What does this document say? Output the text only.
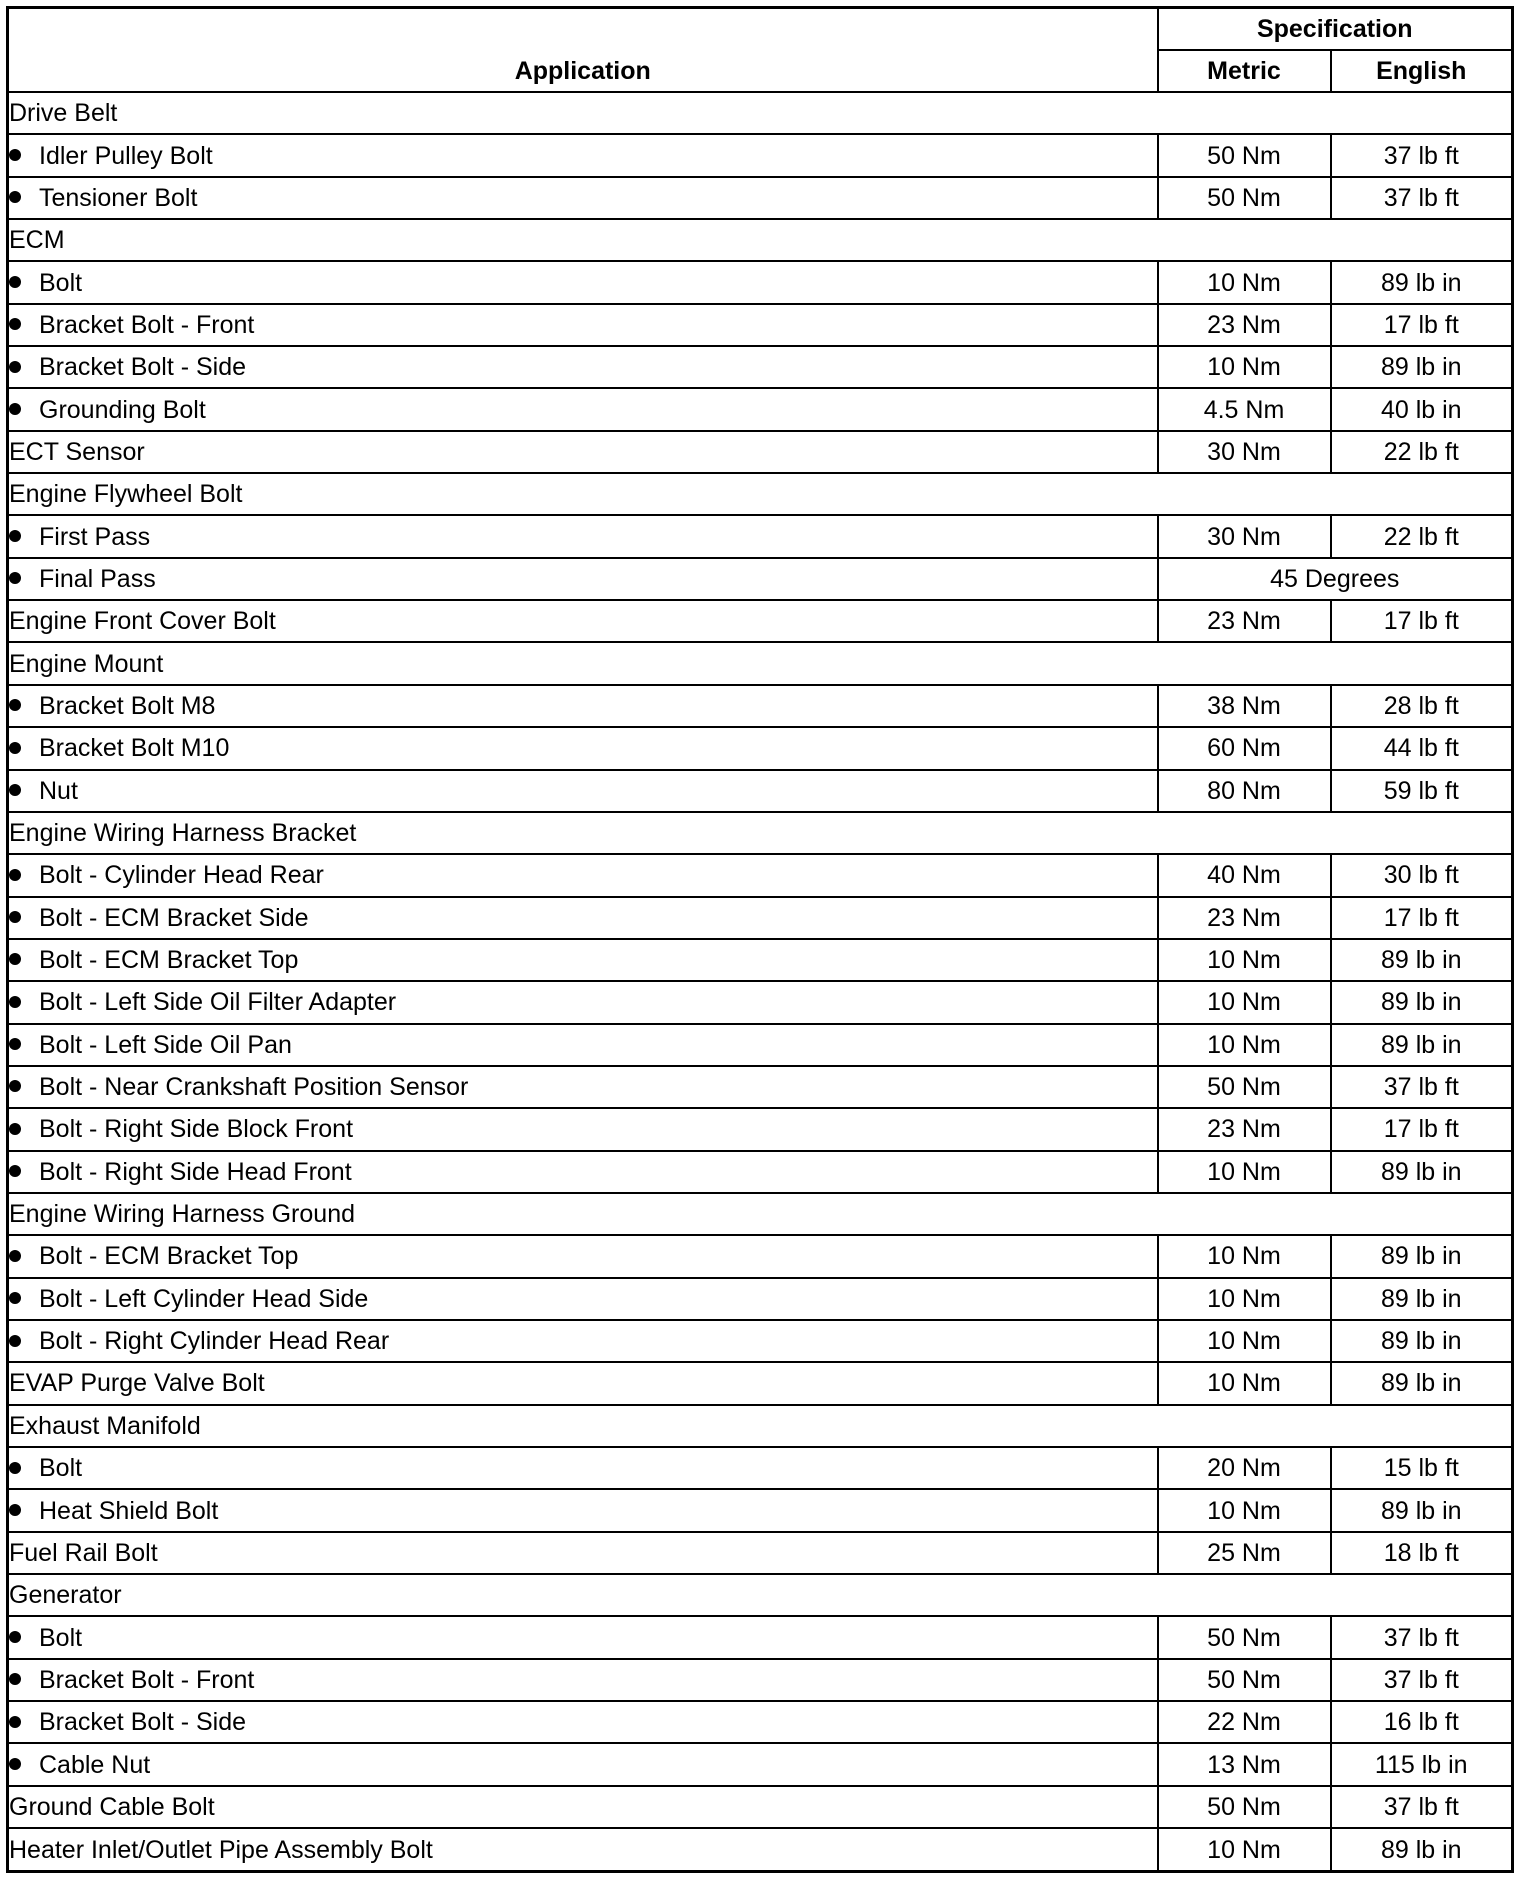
Application	Specification	
	Metric	English
Drive Belt		
Idler Pulley Bolt	50 Nm	37 lb ft
Tensioner Bolt	50 Nm	37 lb ft
ECM		
Bolt	10 Nm	89 lb in
Bracket Bolt - Front	23 Nm	17 lb ft
Bracket Bolt - Side	10 Nm	89 lb in
Grounding Bolt	4.5 Nm	40 lb in
ECT Sensor	30 Nm	22 lb ft
Engine Flywheel Bolt		
First Pass	30 Nm	22 lb ft
Final Pass	45 Degrees	
Engine Front Cover Bolt	23 Nm	17 lb ft
Engine Mount		
Bracket Bolt M8	38 Nm	28 lb ft
Bracket Bolt M10	60 Nm	44 lb ft
Nut	80 Nm	59 lb ft
Engine Wiring Harness Bracket		
Bolt - Cylinder Head Rear	40 Nm	30 lb ft
Bolt - ECM Bracket Side	23 Nm	17 lb ft
Bolt - ECM Bracket Top	10 Nm	89 lb in
Bolt - Left Side Oil Filter Adapter	10 Nm	89 lb in
Bolt - Left Side Oil Pan	10 Nm	89 lb in
Bolt - Near Crankshaft Position Sensor	50 Nm	37 lb ft
Bolt - Right Side Block Front	23 Nm	17 lb ft
Bolt - Right Side Head Front	10 Nm	89 lb in
Engine Wiring Harness Ground		
Bolt - ECM Bracket Top	10 Nm	89 lb in
Bolt - Left Cylinder Head Side	10 Nm	89 lb in
Bolt - Right Cylinder Head Rear	10 Nm	89 lb in
EVAP Purge Valve Bolt	10 Nm	89 lb in
Exhaust Manifold		
Bolt	20 Nm	15 lb ft
Heat Shield Bolt	10 Nm	89 lb in
Fuel Rail Bolt	25 Nm	18 lb ft
Generator		
Bolt	50 Nm	37 lb ft
Bracket Bolt - Front	50 Nm	37 lb ft
Bracket Bolt - Side	22 Nm	16 lb ft
Cable Nut	13 Nm	115 lb in
Ground Cable Bolt	50 Nm	37 lb ft
Heater Inlet/Outlet Pipe Assembly Bolt	10 Nm	89 lb in
